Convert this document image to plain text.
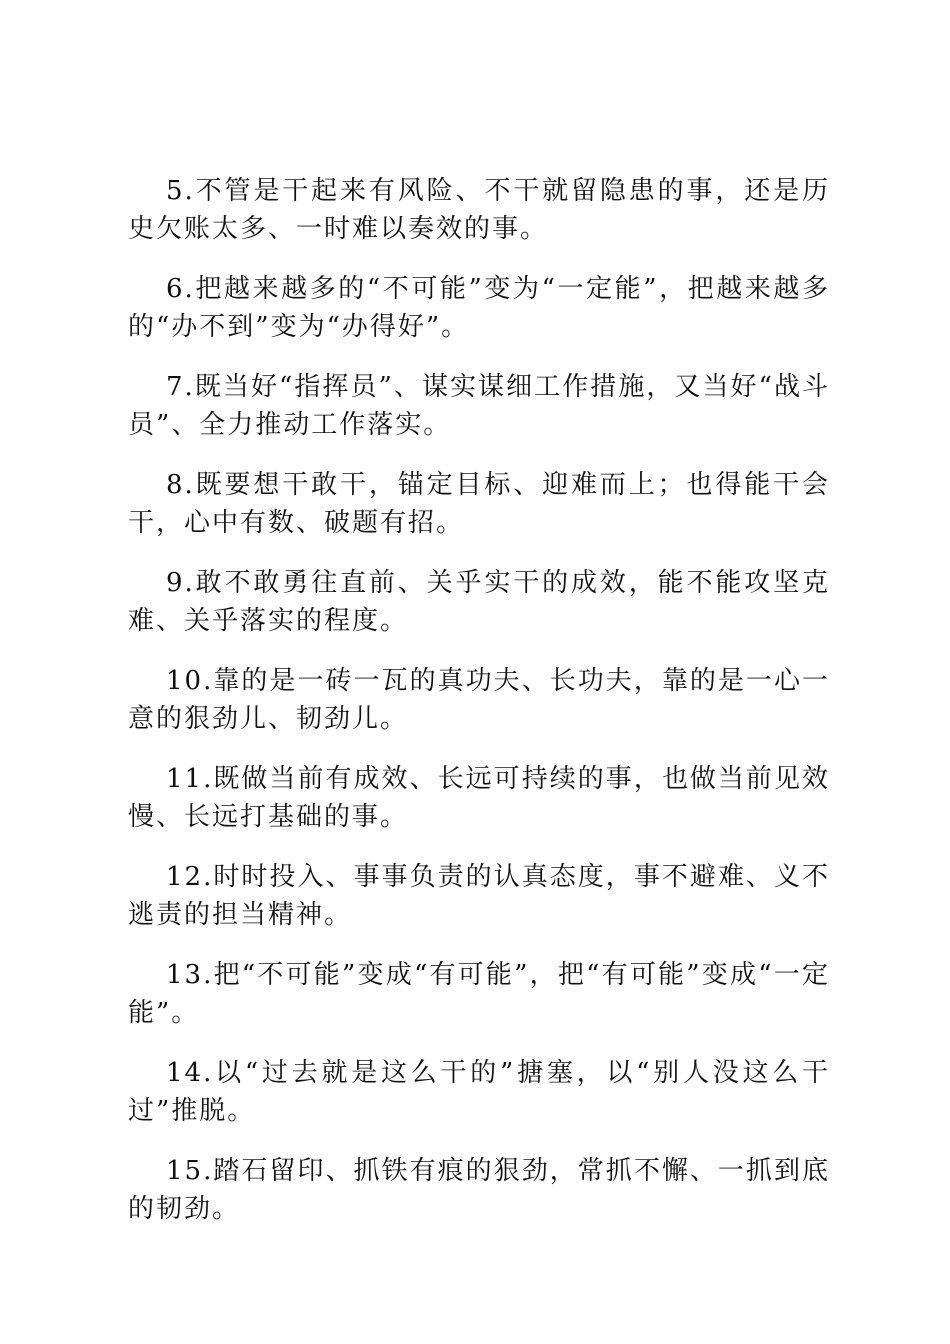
5.不管是干起来有风险、不干就留隐患的事，还是历史欠账太多、一时难以奏效的事。

6.把越来越多的“不可能”变为“一定能”，把越来越多的“办不到”变为“办得好”。

7.既当好“指挥员”、谋实谋细工作措施，又当好“战斗员”、全力推动工作落实。

8.既要想干敢干，锚定目标、迎难而上；也得能干会干，心中有数、破题有招。

9.敢不敢勇往直前、关乎实干的成效，能不能攻坚克难、关乎落实的程度。

10.靠的是一砖一瓦的真功夫、长功夫，靠的是一心一意的狠劲儿、韧劲儿。

11.既做当前有成效、长远可持续的事，也做当前见效慢、长远打基础的事。

12.时时投入、事事负责的认真态度，事不避难、义不逃责的担当精神。

13.把“不可能”变成“有可能”，把“有可能”变成“一定能”。

14.以“过去就是这么干的”搪塞，以“别人没这么干过”推脱。

15.踏石留印、抓铁有痕的狠劲，常抓不懈、一抓到底的韧劲。
